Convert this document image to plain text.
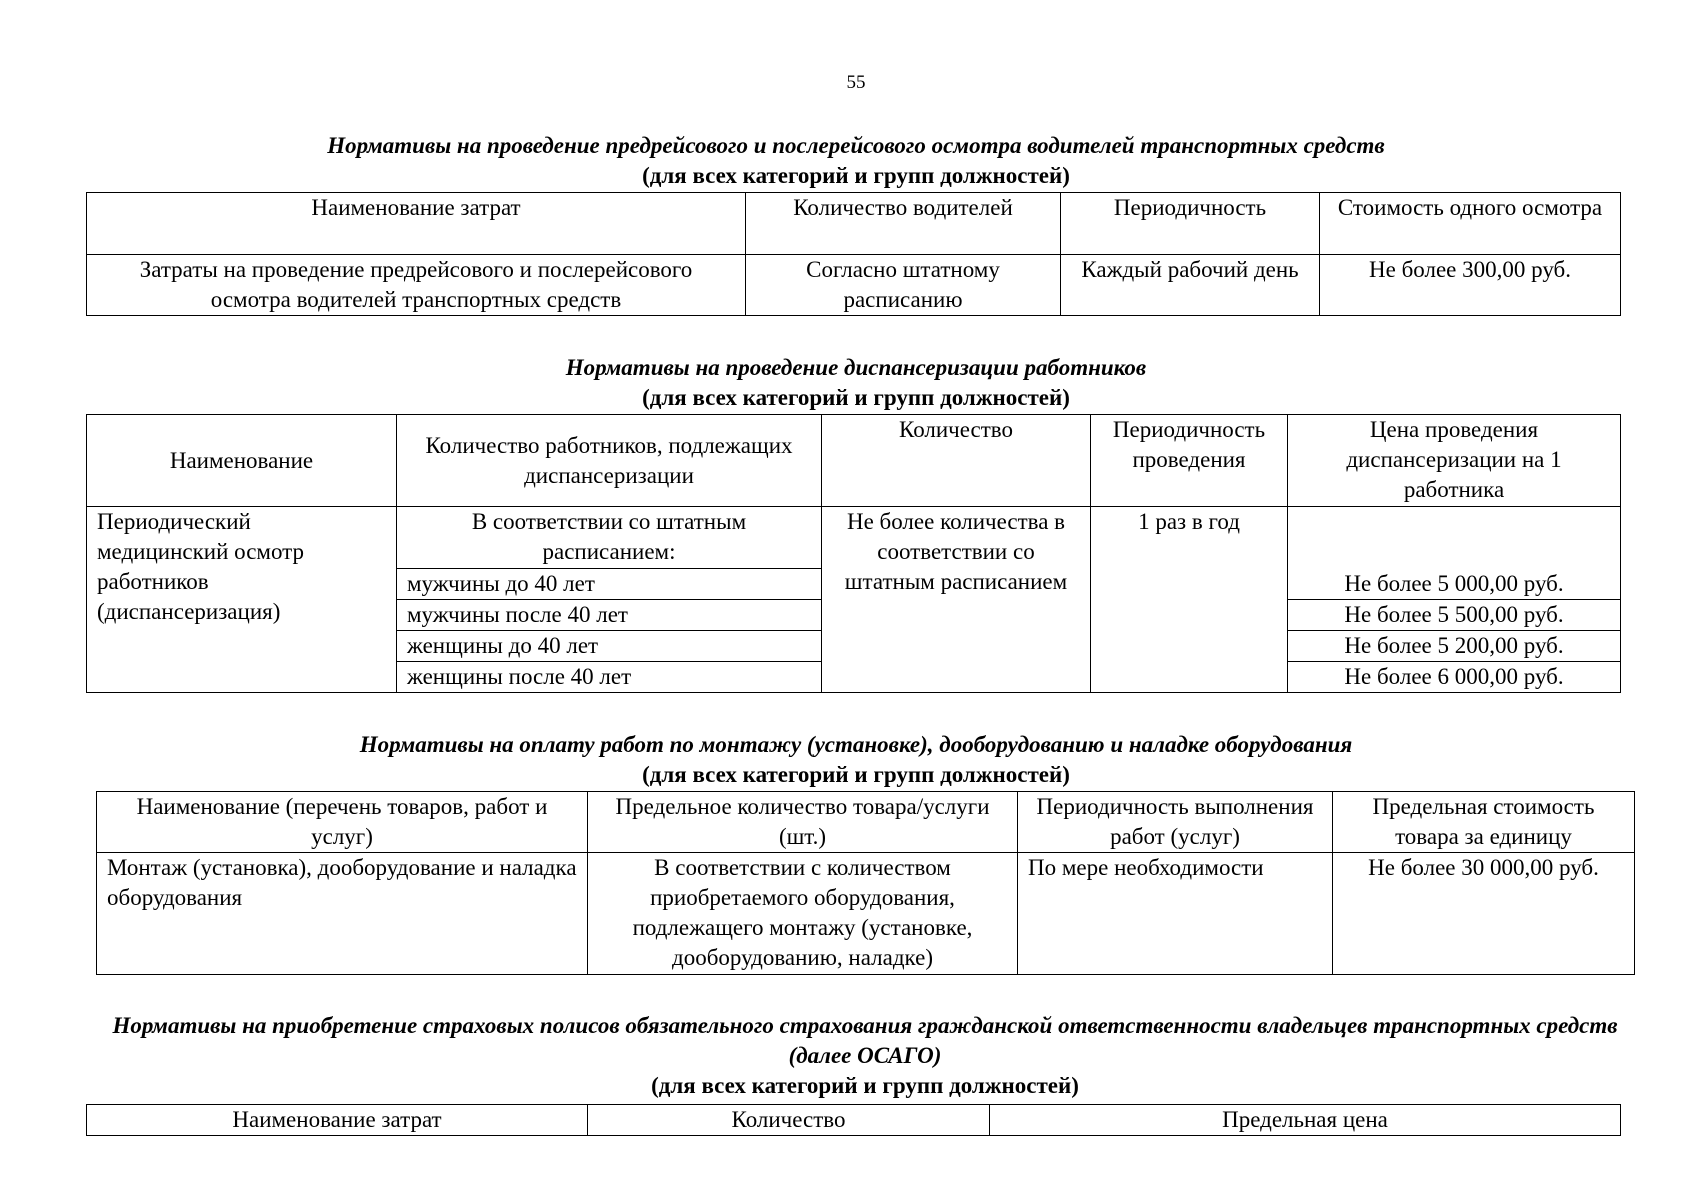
55
Нормативы на проведение предрейсового и послерейсового осмотра водителей транспортных средств
(для всех категорий и групп должностей)
Наименование затрат	Количество водителей	Периодичность	Стоимость одного осмотра
Затраты на проведение предрейсового и послерейсового осмотра водителей транспортных средств	Согласно штатному расписанию	Каждый рабочий день	Не более 300,00 руб.
Нормативы на проведение диспансеризации работников
(для всех категорий и групп должностей)
Наименование	Количество работников, подлежащих диспансеризации	Количество	Периодичность проведения	Цена проведения диспансеризации на 1 работника
Периодический медицинский осмотр работников (диспансеризация)	В соответствии со штатным расписанием:	Не более количества в соответствии со штатным расписанием	1 раз в год	
	мужчины до 40 лет			Не более 5 000,00 руб.
	мужчины после 40 лет			Не более 5 500,00 руб.
	женщины до 40 лет			Не более 5 200,00 руб.
	женщины после 40 лет			Не более 6 000,00 руб.
Нормативы на оплату работ по монтажу (установке), дооборудованию и наладке оборудования
(для всех категорий и групп должностей)
Наименование (перечень товаров, работ и услуг)	Предельное количество товара/услуги (шт.)	Периодичность выполнения работ (услуг)	Предельная стоимость товара за единицу
Монтаж (установка), дооборудование и наладка оборудования	В соответствии с количеством приобретаемого оборудования, подлежащего монтажу (установке, дооборудованию, наладке)	По мере необходимости	Не более 30 000,00 руб.
Нормативы на приобретение страховых полисов обязательного страхования гражданской ответственности владельцев транспортных средств (далее ОСАГО)
(для всех категорий и групп должностей)
Наименование затрат	Количество	Предельная цена
